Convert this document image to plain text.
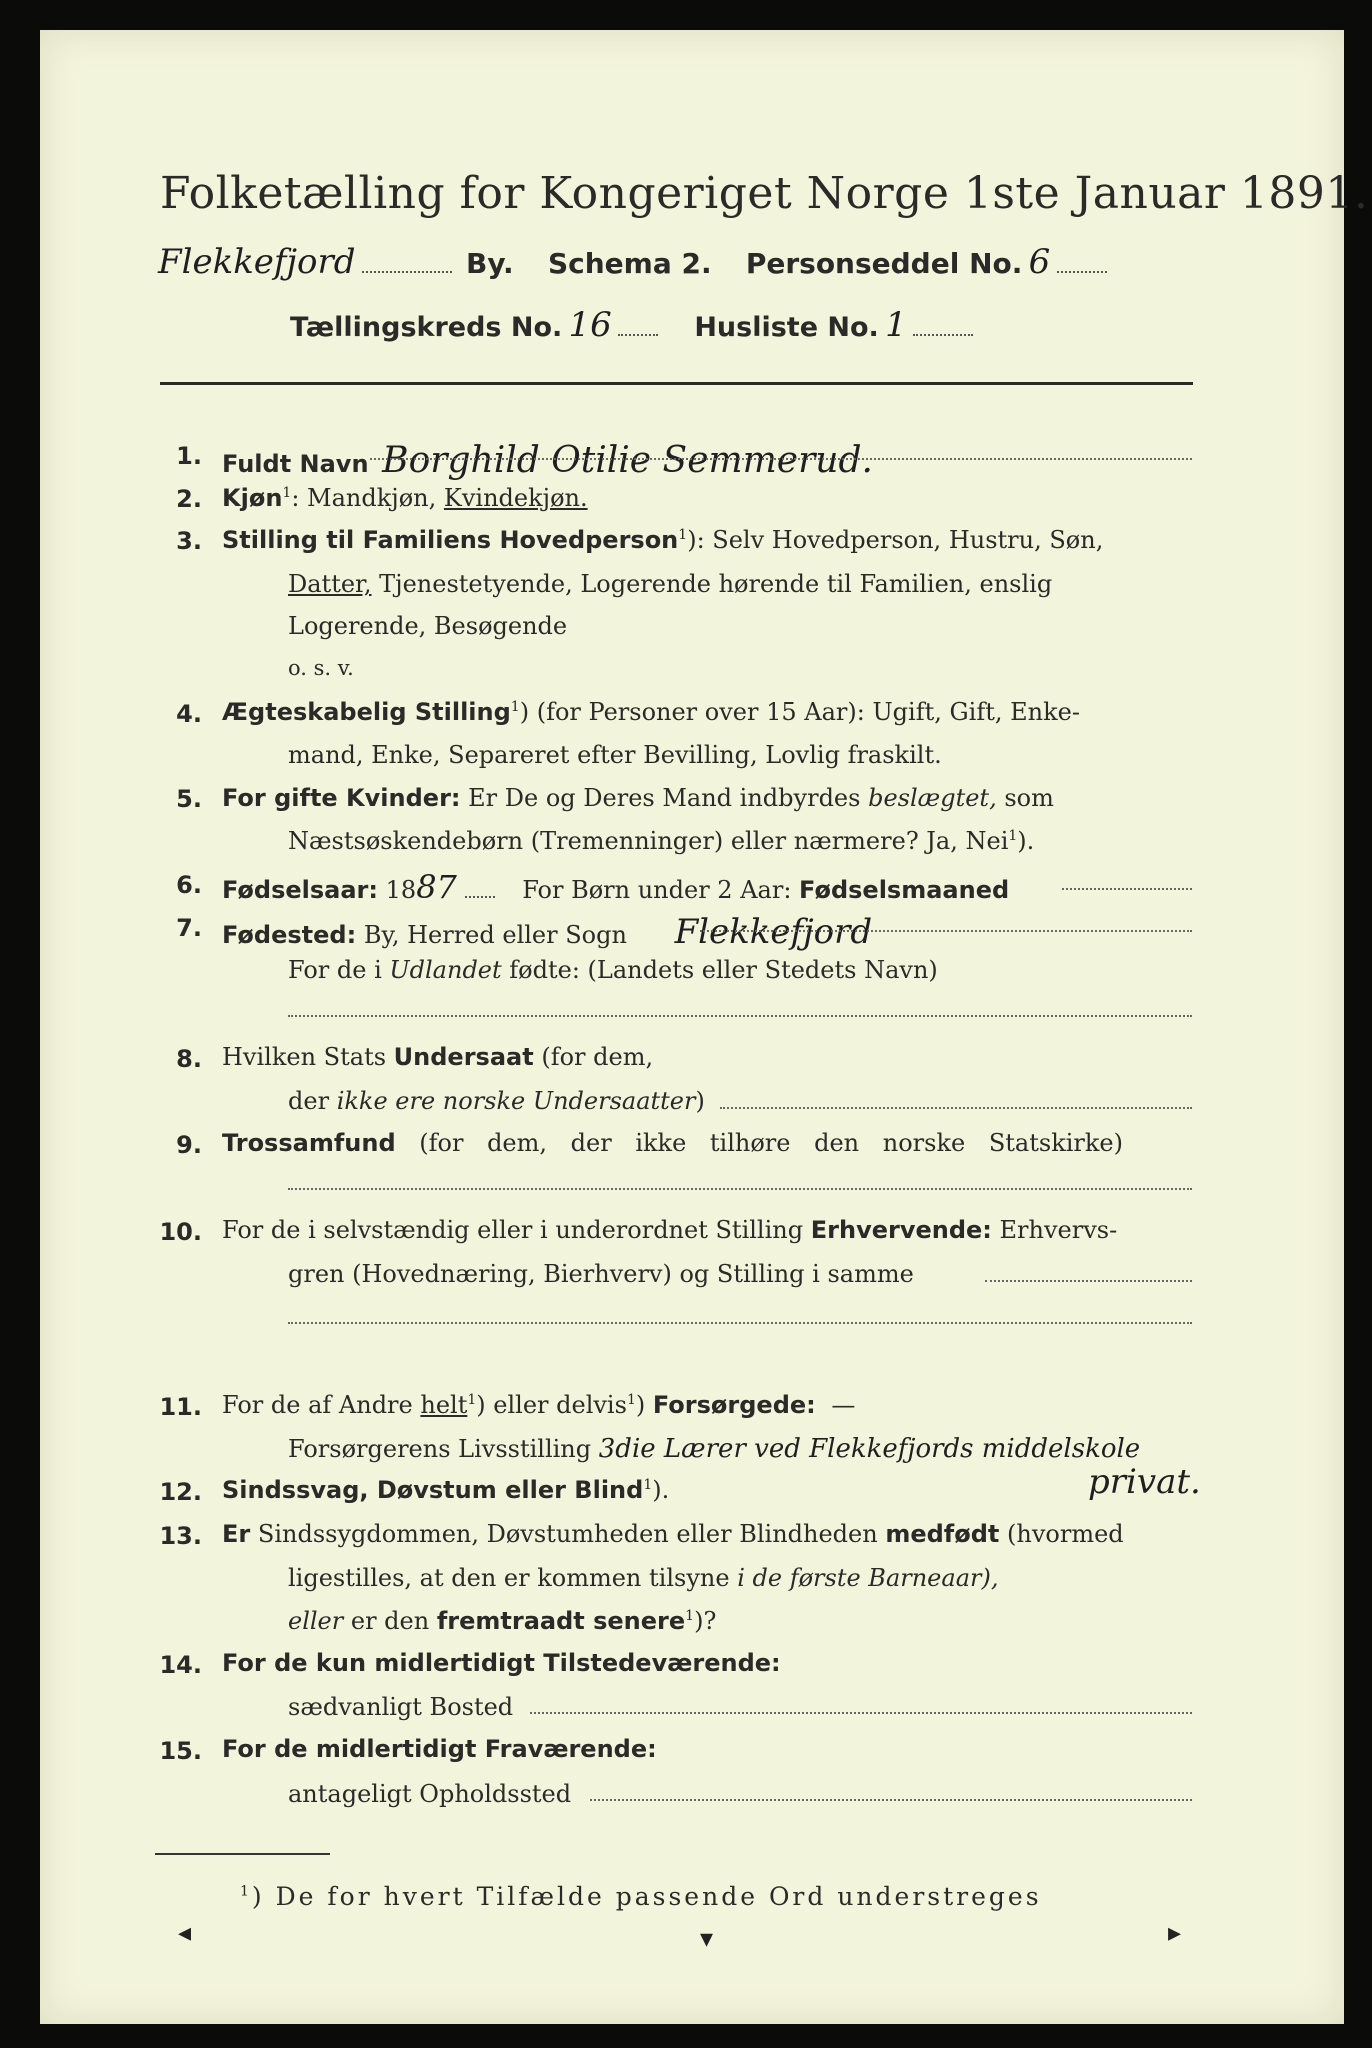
Folketælling for Kongeriget Norge 1ste Januar 1891.
Flekkefjord	By. Schema 2. Personseddel No. 6
Tællingskreds No. 16	Husliste No. 1
1. Fuldt Navn Borghild Otilie Semmerud.
2. Kjøn$^1$: Mandkjøn, Kvindekjøn.
3. Stilling til Familiens Hovedperson$^1$): Selv Hovedperson, Hustru, Søn,
Datter, Tjenestetyende, Logerende hørende til Familien, enslig
Logerende, Besøgende
o. s. v.
4. Ægteskabelig Stilling$^1$) (for Personer over 15 Aar): Ugift, Gift, Enke-
mand, Enke, Separeret efter Bevilling, Lovlig fraskilt.
5. For gifte Kvinder: Er De og Deres Mand indbyrdes beslægtet, som
Næstsøskendebørn (Tremenninger) eller nærmere? Ja, Nei$^1$).
6. Fødselsaar: 1887	For Børn under 2 Aar: Fødselsmaaned
7. Fødested: By, Herred eller Sogn Flekkefjord
For de i Udlandet fødte: (Landets eller Stedets Navn)
8. Hvilken Stats Undersaat (for dem,
der ikke ere norske Undersaatter)
9. Trossamfund (for dem, der ikke tilhøre den norske Statskirke)
10. For de i selvstændig eller i underordnet Stilling Erhvervende: Erhvervs-
gren (Hovednæring, Bierhverv) og Stilling i samme
11. For de af Andre helt$^1$) eller delvis$^1$) Forsørgede: —
Forsørgerens Livsstilling 3die Lærer ved Flekkefjords middelskole
privat.
12. Sindssvag, Døvstum eller Blind$^1$).
13. Er Sindssygdommen, Døvstumheden eller Blindheden medfødt (hvormed
ligestilles, at den er kommen tilsyne i de første Barneaar),
eller er den fremtraadt senere$^1$)?
14. For de kun midlertidigt Tilstedeværende:
sædvanligt Bosted
15. For de midlertidigt Fraværende:
antageligt Opholdssted
$^1$) De for hvert Tilfælde passende Ord understreges
◂	▾	▸
